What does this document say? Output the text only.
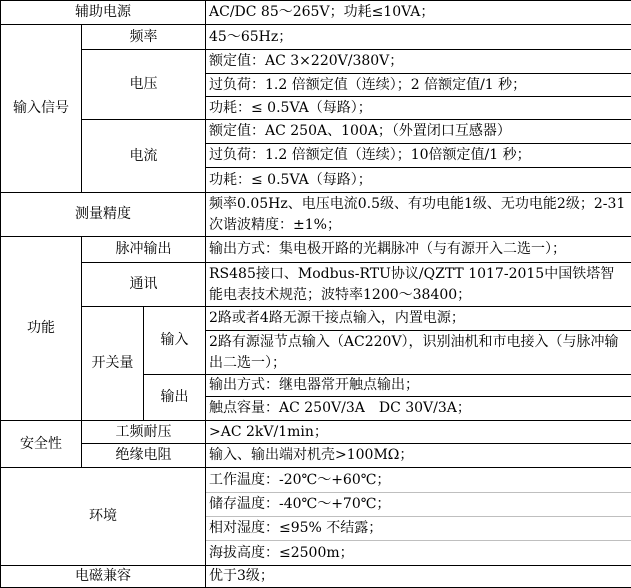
辅助电源			AC/DC 85～265V；功耗≤10VA；
输入信号	频率		45～65Hz；
	电压		额定值：AC 3×220V/380V；
			过负荷：1.2 倍额定值（连续）；2 倍额定值/1 秒；
			功耗：≤ 0.5VA（每路）；
	电流		额定值：AC 250A、100A；（外置闭口互感器）
			过负荷：1.2 倍额定值（连续）；10倍额定值/1 秒；
			功耗：≤ 0.5VA（每路）；
测量精度			频率0.05Hz、电压电流0.5级、有功电能1级、无功电能2级；2-31次谐波精度：±1%；
功能	脉冲输出		输出方式：集电极开路的光耦脉冲（与有源开入二选一）；
	通讯		RS485接口、Modbus-RTU协议/QZTT 1017-2015中国铁塔智能电表技术规范；波特率1200～38400；
	开关量	输入	2路或者4路无源干接点输入，内置电源；
			2路有源湿节点输入（AC220V），识别油机和市电接入（与脉冲输出二选一）；

		输出	输出方式：继电器常开触点输出；
			触点容量：AC 250V/3A　DC 30V/3A；
安全性	工频耐压		>AC 2kV/1min；
	绝缘电阻		输入、输出端对机壳>100MΩ；
环境			工作温度：-20℃～+60℃；
			储存温度：-40℃～+70℃；
			相对湿度：≤95% 不结露；
			海拔高度：≤2500m；
电磁兼容			优于3级；
